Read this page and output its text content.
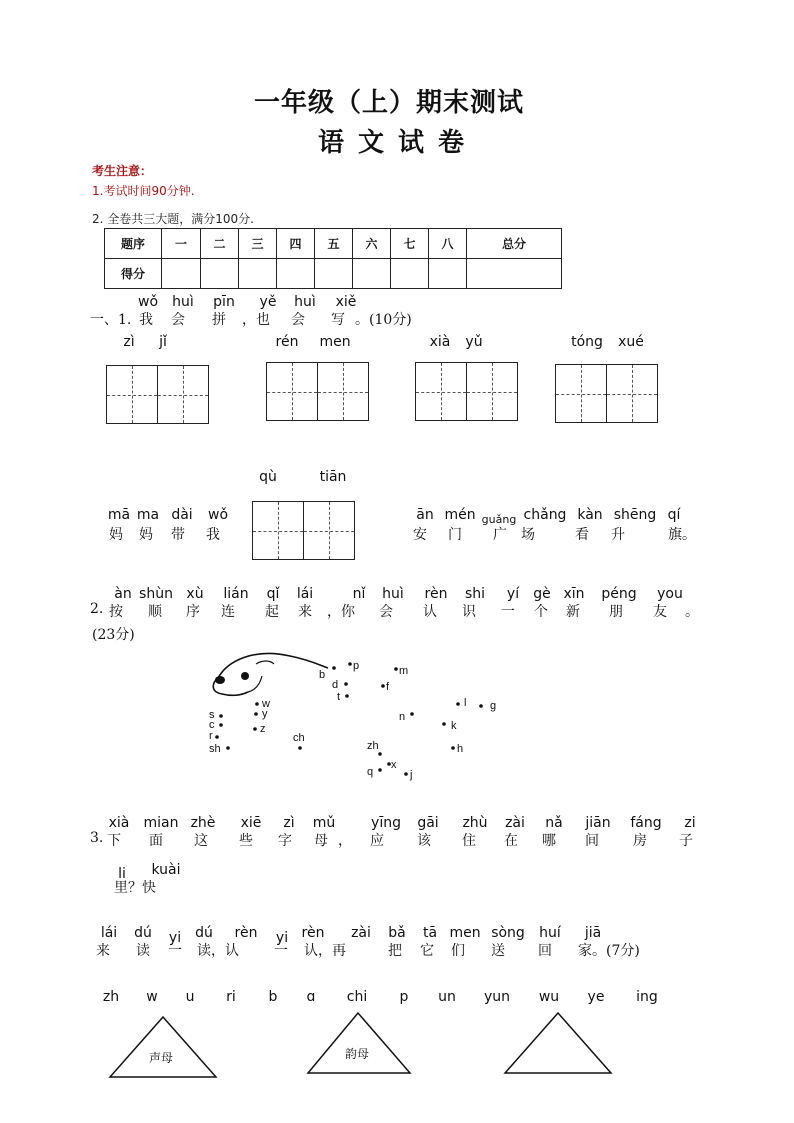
一年级（上）期末测试
语文试卷
考生注意：
1.考试时间90分钟.
2. 全卷共三大题，满分100分.
题序	一	二	三	四	五	六	七	八	总分
得分									
wǒ huì pīn yě huì xiě
一、1. 我 会 拼 ，也 会 写 。(10分)
zì jǐ	rén men	xià yǔ	tóng xué
qù	tiān
mā ma dài wǒ	ān mén guǎng chǎng kàn shēng qí
妈 妈 带 我	安 门 广 场	看 升	旗。
àn shùn xù lián qǐ lái	nǐ huì rèn shi yí gè xīn péng you
2. 按 顺 序 连 起 来 ，你 会 认 识 一 个 新 朋 友 。
(23分)
b
p	m
d
t
f
w
y
s
c	z
r
sh
ch
n
l g
k
zh	h
q
x
j
xià mian zhè xiē zì mǔ	yīng gāi zhù zài nǎ jiān fáng zi
3. 下 面 这 些 字 母 ， 应 该 住 在 哪 间 房 子
li kuài
里？快
lái dú yi dú rèn yi rèn zài bǎ tā men sòng huí jiā
来 读 一 读，认	一 认，再	把 它 们 送 回 家。(7分)
zh w u ri b ɑ chi p un yun wu ye ing
声母	韵母
